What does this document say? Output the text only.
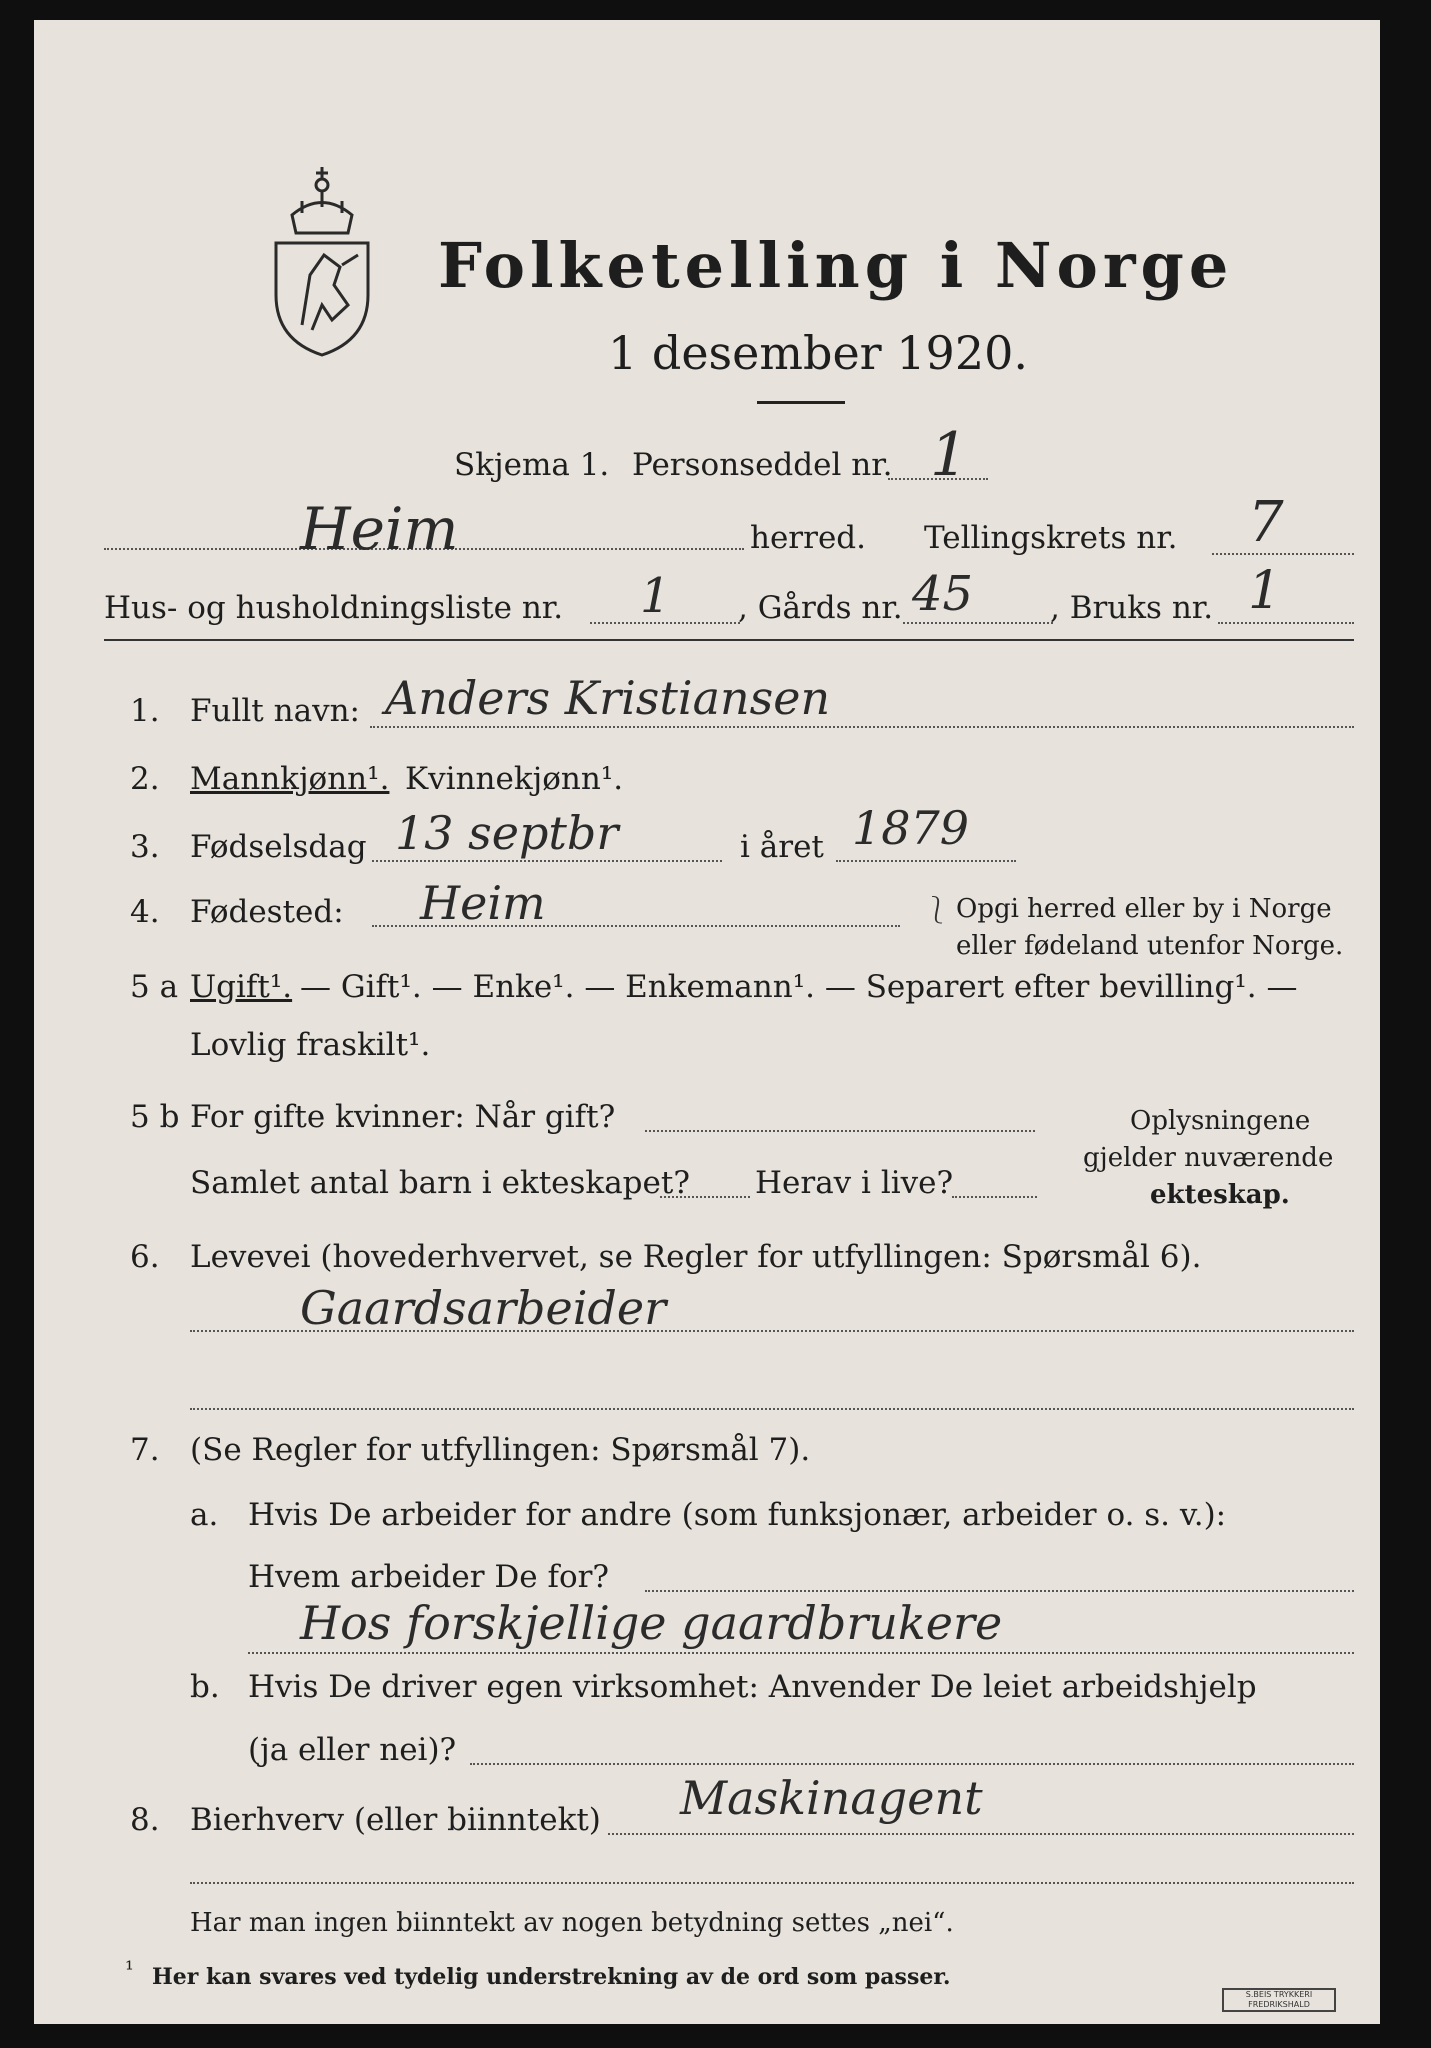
Folketelling i Norge
1 desember 1920.
Skjema 1. Personseddel nr. 1
Heim	herred. Tellingskrets nr. 7
Hus- og husholdningsliste nr. 1 , Gårds nr. 45 , Bruks nr. 1
1. Fullt navn: Anders Kristiansen
2. Mannkjønn¹. Kvinnekjønn¹.
3. Fødselsdag 13 septbr	i året 1879
4. Fødested: Heim	⎱ Opgi herred eller by i Norge
eller fødeland utenfor Norge.
5 a Ugift¹. — Gift¹. — Enke¹. — Enkemann¹. — Separert efter bevilling¹. —
Lovlig fraskilt¹.
5 b For gifte kvinner: Når gift?
Samlet antal barn i ekteskapet? Herav i live?
Oplysningene
gjelder nuværende
ekteskap.
6. Levevei (hovederhvervet, se Regler for utfyllingen: Spørsmål 6).
Gaardsarbeider
7. (Se Regler for utfyllingen: Spørsmål 7).
a. Hvis De arbeider for andre (som funksjonær, arbeider o. s. v.):
Hvem arbeider De for?
Hos forskjellige gaardbrukere
b. Hvis De driver egen virksomhet: Anvender De leiet arbeidshjelp
(ja eller nei)?
8. Bierhverv (eller biinntekt) Maskinagent
Har man ingen biinntekt av nogen betydning settes „nei“.
¹ Her kan svares ved tydelig understrekning av de ord som passer.
S.BEIS TRYKKERI FREDRIKSHALD
